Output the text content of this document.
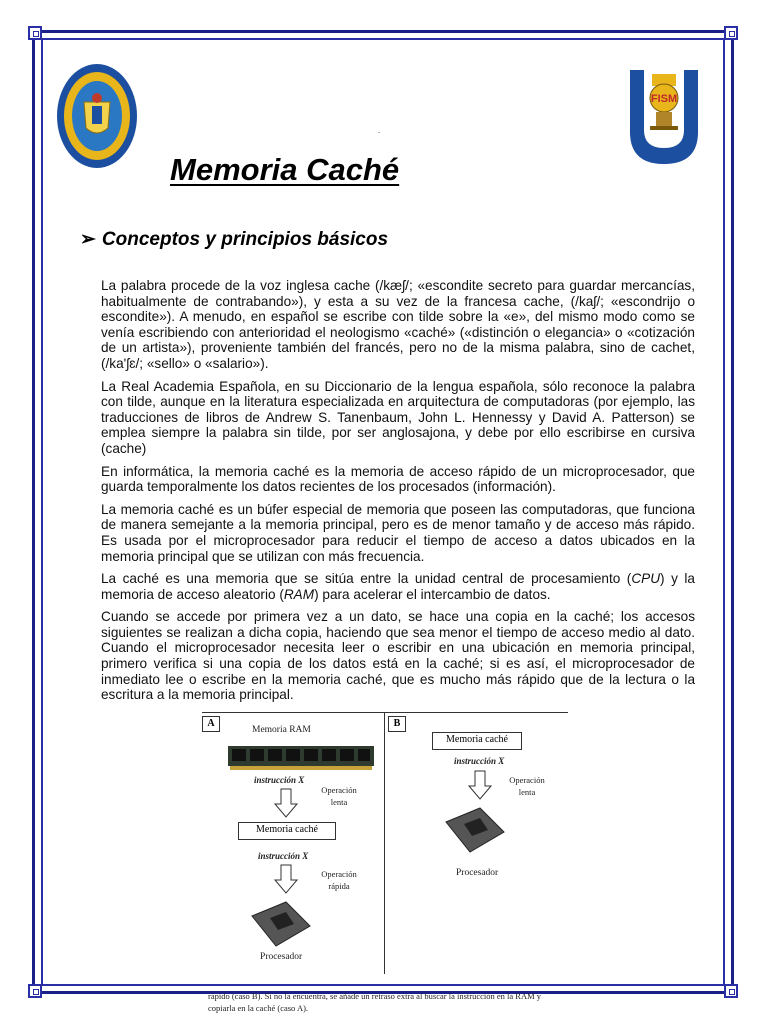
FISM
.
Memoria Caché
➢ Conceptos y principios básicos

La palabra procede de la voz inglesa cache (/kæʃ/; «escondite secreto para guardar mercancías, habitualmente de contrabando»), y esta a su vez de la francesa cache, (/kaʃ/; «escondrijo o escondite»). A menudo, en español se escribe con tilde sobre la «e», del mismo modo como se venía escribiendo con anterioridad el neologismo «caché» («distinción o elegancia» o «cotización de un artista»), proveniente también del francés, pero no de la misma palabra, sino de cachet, (/ka'ʃɛ/; «sello» o «salario»).

La Real Academia Española, en su Diccionario de la lengua española, sólo reconoce la palabra con tilde, aunque en la literatura especializada en arquitectura de computadoras (por ejemplo, las traducciones de libros de Andrew S. Tanenbaum, John L. Hennessy y David A. Patterson) se emplea siempre la palabra sin tilde, por ser anglosajona, y debe por ello escribirse en cursiva (cache)

En informática, la memoria caché es la memoria de acceso rápido de un microprocesador, que guarda temporalmente los datos recientes de los procesados (información).

La memoria caché es un búfer especial de memoria que poseen las computadoras, que funciona de manera semejante a la memoria principal, pero es de menor tamaño y de acceso más rápido. Es usada por el microprocesador para reducir el tiempo de acceso a datos ubicados en la memoria principal que se utilizan con más frecuencia.

La caché es una memoria que se sitúa entre la unidad central de procesamiento (CPU) y la memoria de acceso aleatorio (RAM) para acelerar el intercambio de datos.

Cuando se accede por primera vez a un dato, se hace una copia en la caché; los accesos siguientes se realizan a dicha copia, haciendo que sea menor el tiempo de acceso medio al dato. Cuando el microprocesador necesita leer o escribir en una ubicación en memoria principal, primero verifica si una copia de los datos está en la caché; si es así, el microprocesador de inmediato lee o escribe en la memoria caché, que es mucho más rápido que de la lectura o la escritura a la memoria principal.

A
Memoria RAM
instrucción X
Operación lenta
Memoria caché
instrucción X
Operación rápida
Procesador
B
Memoria caché
instrucción X
Operación lenta
Procesador
rápido (caso B). Si no la encuentra, se añade un retraso extra al buscar la instrucción en la RAM y copiarla en la caché (caso A).
